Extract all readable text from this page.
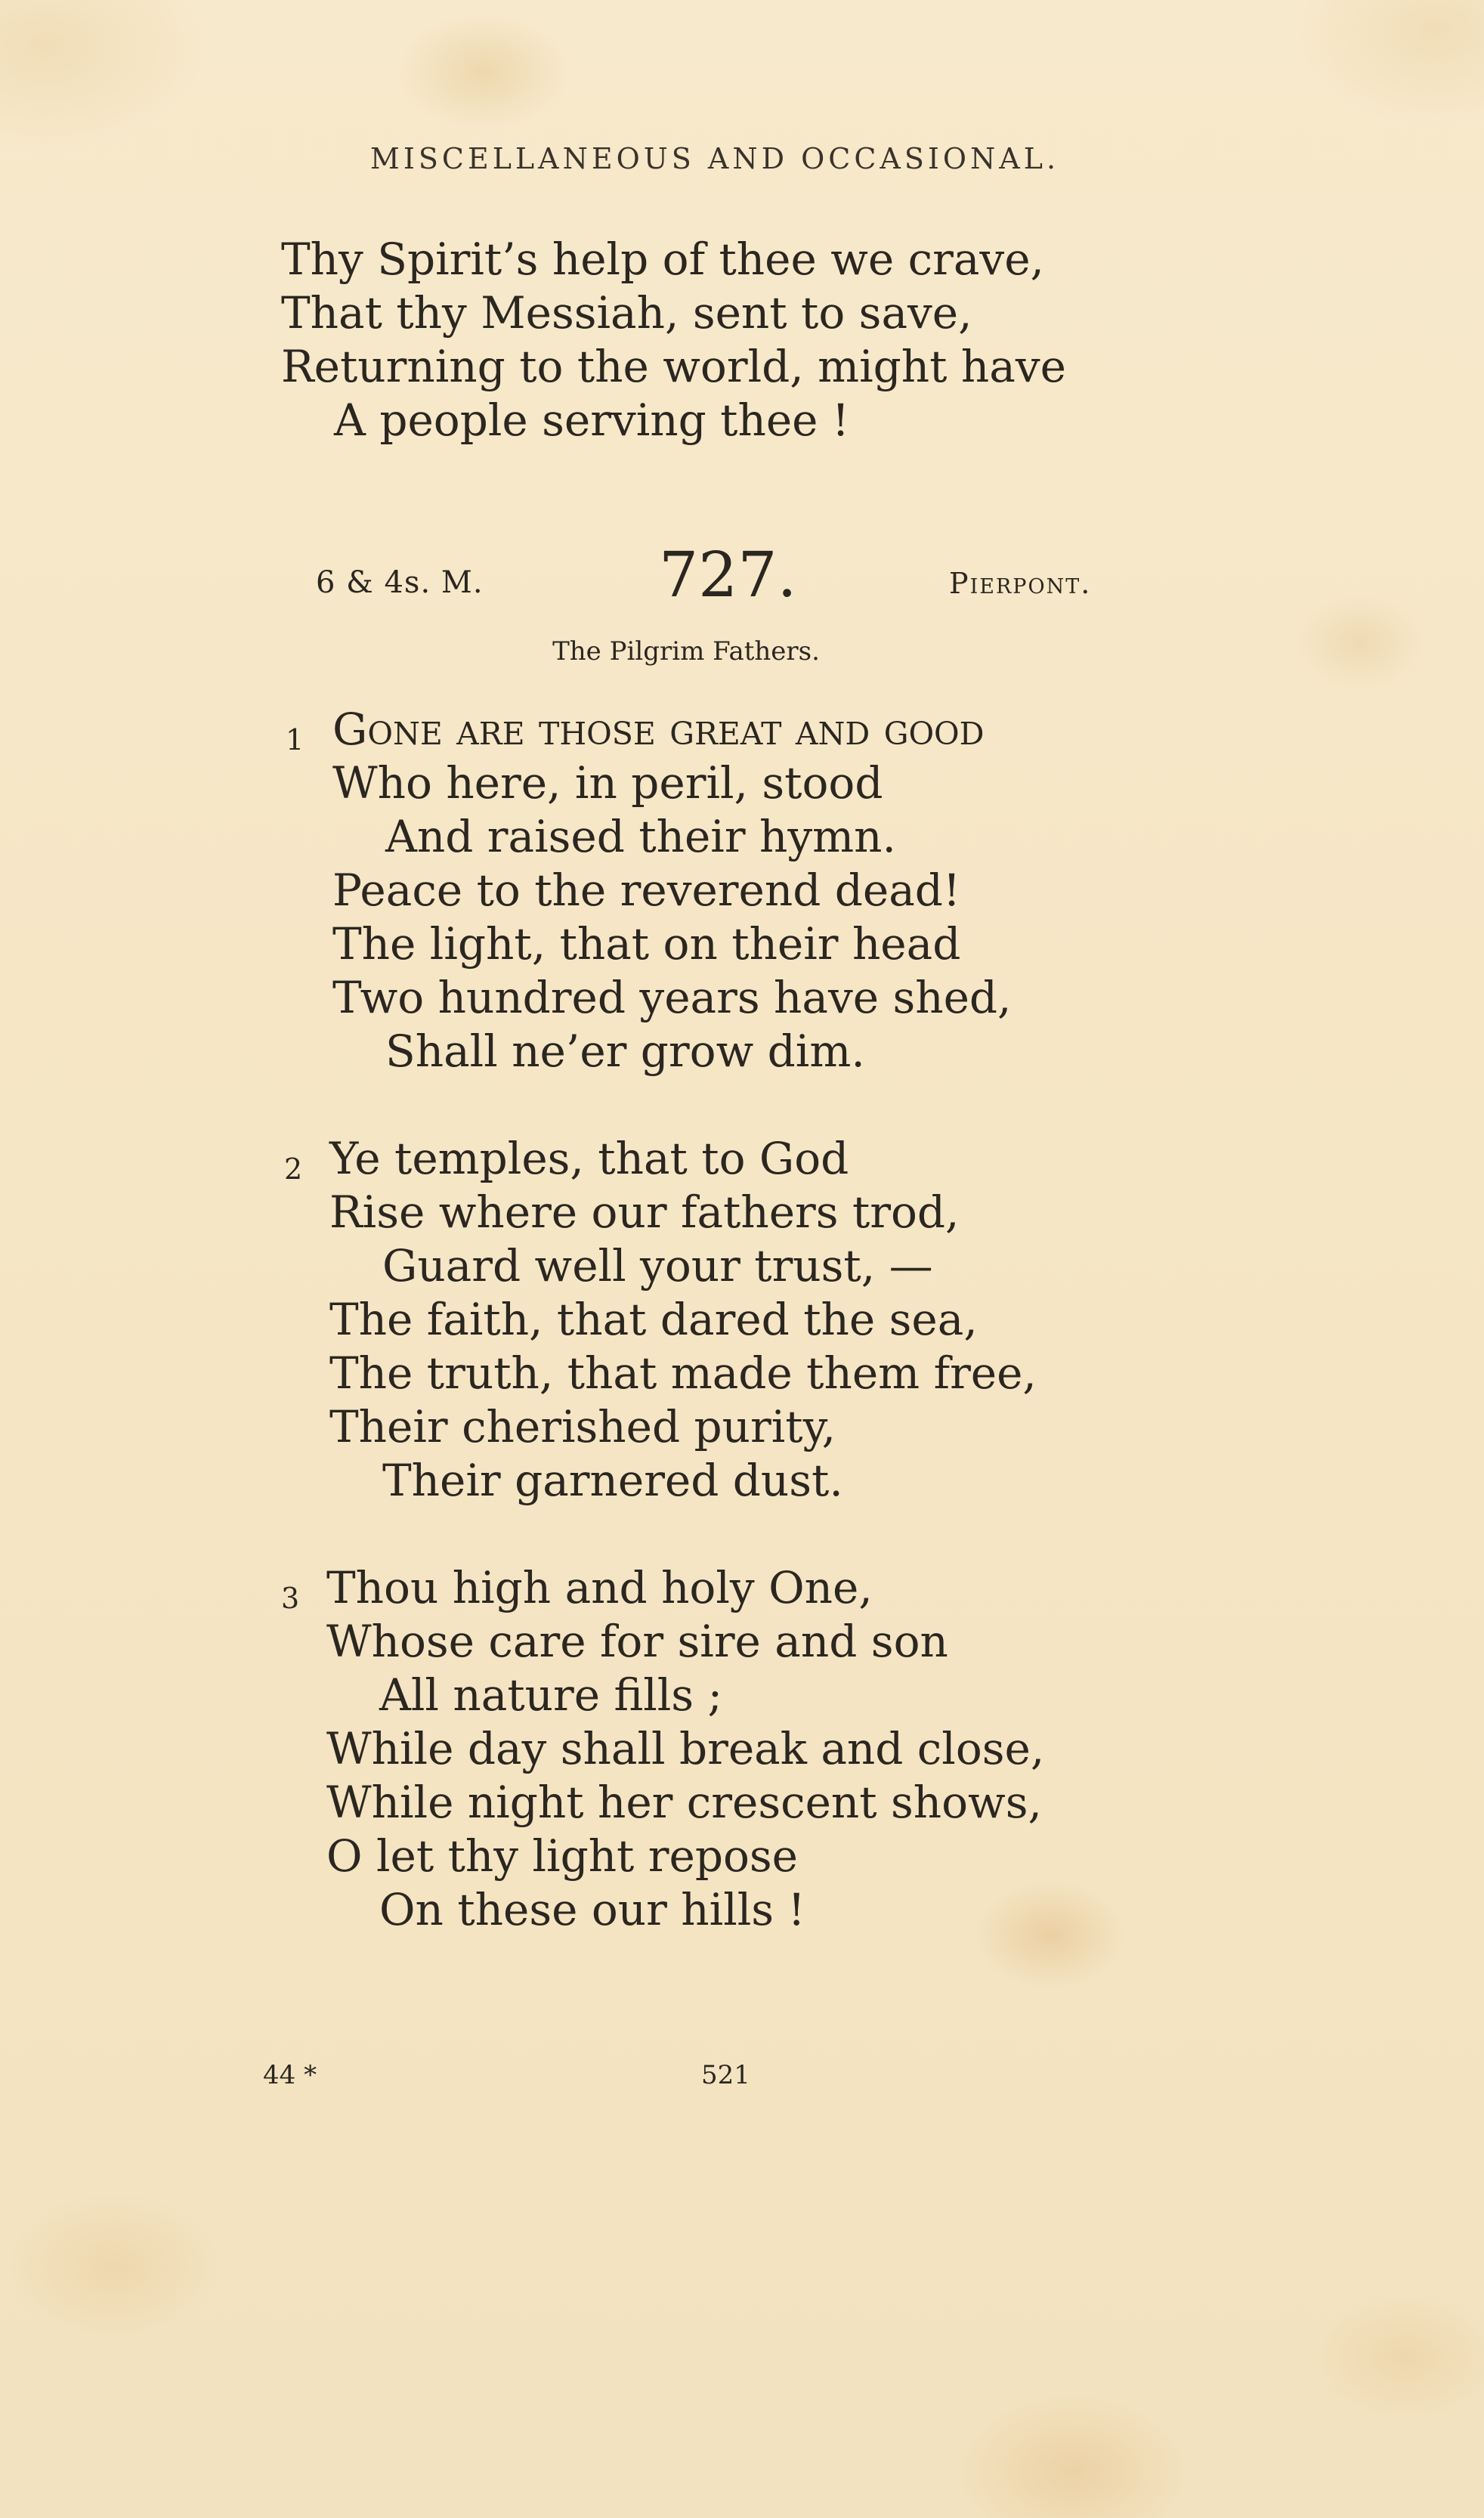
MISCELLANEOUS AND OCCASIONAL.
Thy Spirit’s help of thee we crave,
That thy Messiah, sent to save,
Returning to the world, might have
A people serving thee !
6 & 4s. M.	727.	Pierpont.
The Pilgrim Fathers.
1 Gone are those great and good
Who here, in peril, stood
And raised their hymn.
Peace to the reverend dead!
The light, that on their head
Two hundred years have shed,
Shall ne’er grow dim.
2 Ye temples, that to God
Rise where our fathers trod,
Guard well your trust, —
The faith, that dared the sea,
The truth, that made them free,
Their cherished purity,
Their garnered dust.
3 Thou high and holy One,
Whose care for sire and son
All nature fills ;
While day shall break and close,
While night her crescent shows,
O let thy light repose
On these our hills !
44 *	521
